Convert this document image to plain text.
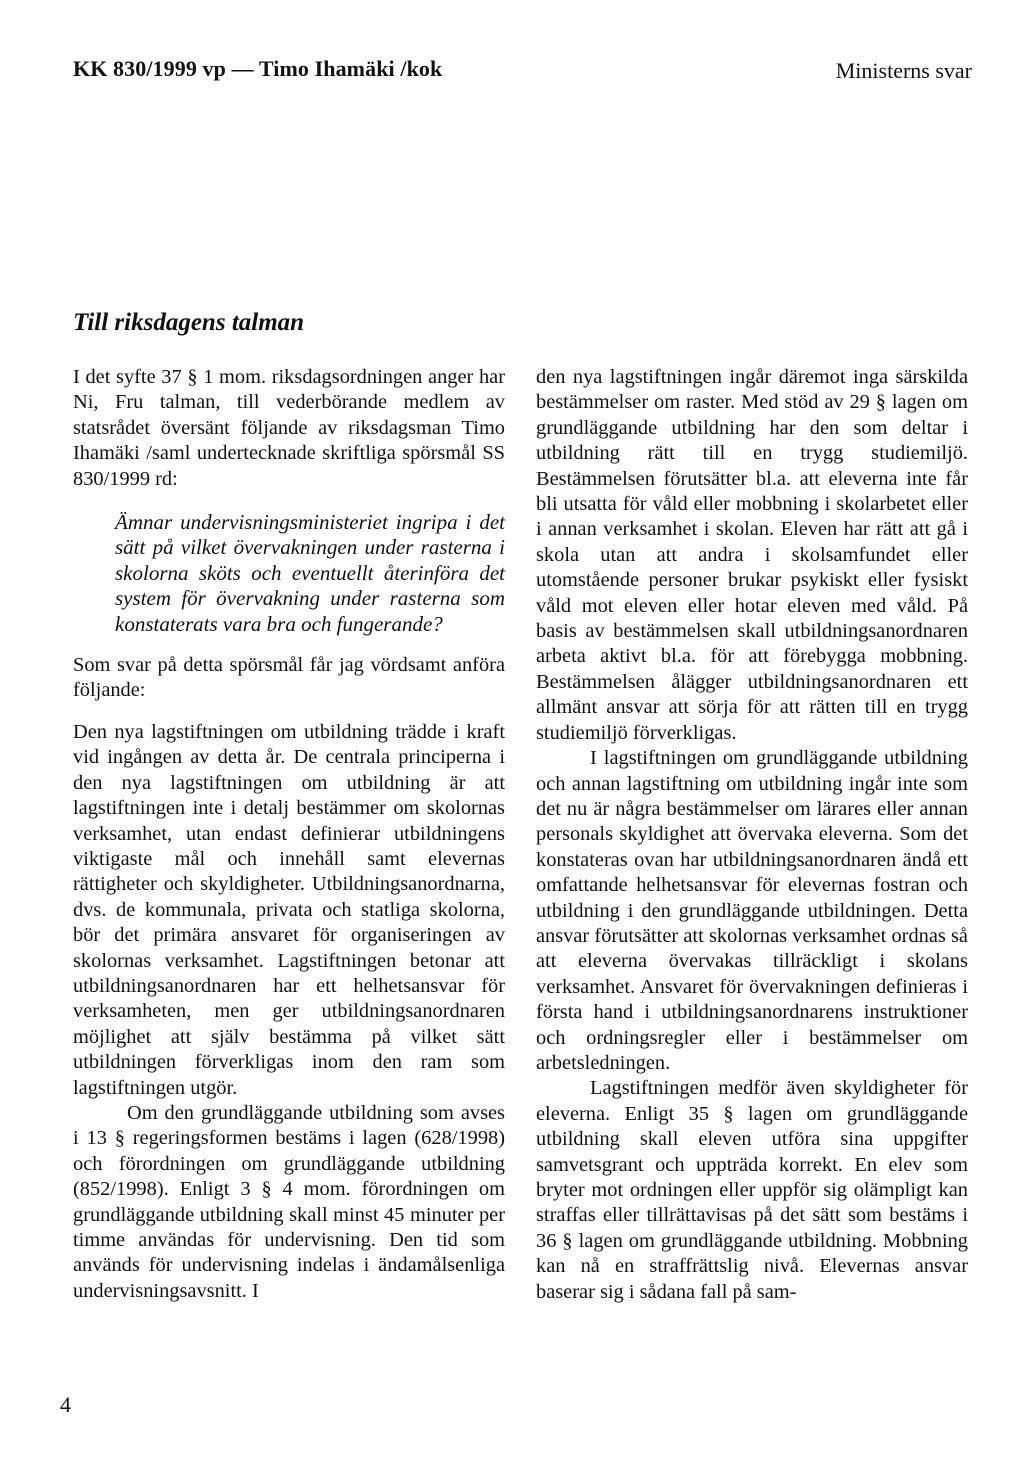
KK 830/1999 vp — Timo Ihamäki /kok	Ministerns svar
Till riksdagens talman

I det syfte 37 § 1 mom. riksdagsordningen anger har Ni, Fru talman, till vederbörande medlem av statsrådet översänt följande av riksdagsman Timo Ihamäki /saml undertecknade skriftliga spörsmål SS 830/1999 rd:

Ämnar undervisningsministeriet ingripa i det sätt på vilket övervakningen under rasterna i skolorna sköts och eventuellt återinföra det system för övervakning under rasterna som konstaterats vara bra och fungerande?

Som svar på detta spörsmål får jag vördsamt anföra följande:

Den nya lagstiftningen om utbildning trädde i kraft vid ingången av detta år. De centrala principerna i den nya lagstiftningen om utbildning är att lagstiftningen inte i detalj bestämmer om skolornas verksamhet, utan endast definierar utbildningens viktigaste mål och innehåll samt elevernas rättigheter och skyldigheter. Utbildningsanordnarna, dvs. de kommunala, privata och statliga skolorna, bör det primära ansvaret för organiseringen av skolornas verksamhet. Lagstiftningen betonar att utbildningsanordnaren har ett helhetsansvar för verksamheten, men ger utbildningsanordnaren möjlighet att själv bestämma på vilket sätt utbildningen förverkligas inom den ram som lagstiftningen utgör.

Om den grundläggande utbildning som avses i 13 § regeringsformen bestäms i lagen (628/1998) och förordningen om grundläggande utbildning (852/1998). Enligt 3 § 4 mom. förordningen om grundläggande utbildning skall minst 45 minuter per timme användas för undervisning. Den tid som används för undervisning indelas i ändamålsenliga undervisningsavsnitt. I

den nya lagstiftningen ingår däremot inga särskilda bestämmelser om raster. Med stöd av 29 § lagen om grundläggande utbildning har den som deltar i utbildning rätt till en trygg studiemiljö. Bestämmelsen förutsätter bl.a. att eleverna inte får bli utsatta för våld eller mobbning i skolarbetet eller i annan verksamhet i skolan. Eleven har rätt att gå i skola utan att andra i skolsamfundet eller utomstående personer brukar psykiskt eller fysiskt våld mot eleven eller hotar eleven med våld. På basis av bestämmelsen skall utbildningsanordnaren arbeta aktivt bl.a. för att förebygga mobbning. Bestämmelsen ålägger utbildningsanordnaren ett allmänt ansvar att sörja för att rätten till en trygg studiemiljö förverkligas.

I lagstiftningen om grundläggande utbildning och annan lagstiftning om utbildning ingår inte som det nu är några bestämmelser om lärares eller annan personals skyldighet att övervaka eleverna. Som det konstateras ovan har utbildningsanordnaren ändå ett omfattande helhetsansvar för elevernas fostran och utbildning i den grundläggande utbildningen. Detta ansvar förutsätter att skolornas verksamhet ordnas så att eleverna övervakas tillräckligt i skolans verksamhet. Ansvaret för övervakningen definieras i första hand i utbildningsanordnarens instruktioner och ordningsregler eller i bestämmelser om arbetsledningen.

Lagstiftningen medför även skyldigheter för eleverna. Enligt 35 § lagen om grundläggande utbildning skall eleven utföra sina uppgifter samvetsgrant och uppträda korrekt. En elev som bryter mot ordningen eller uppför sig olämpligt kan straffas eller tillrättavisas på det sätt som bestäms i 36 § lagen om grundläggande utbildning. Mobbning kan nå en straffrättslig nivå. Elevernas ansvar baserar sig i sådana fall på sam-

4
